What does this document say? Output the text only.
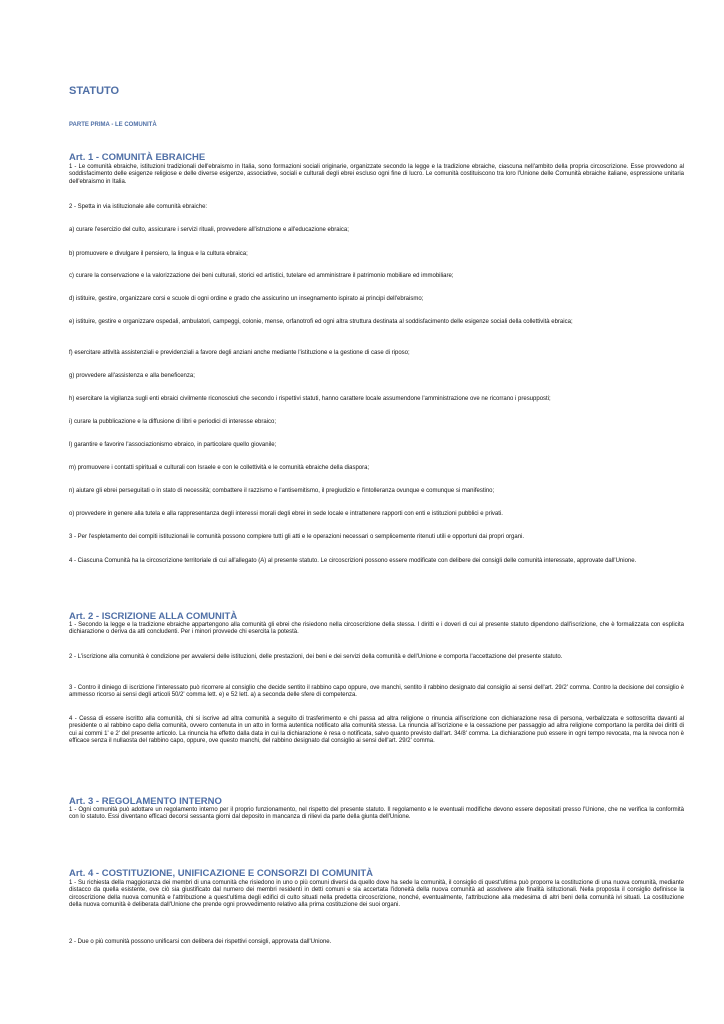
STATUTO
PARTE PRIMA - LE COMUNITÀ
Art. 1 - COMUNITÀ EBRAICHE

1 - Le comunità ebraiche, istituzioni tradizionali dell'ebraismo in Italia, sono formazioni sociali originarie, organizzate secondo la legge e la tradizione ebraiche, ciascuna nell'ambito della propria circoscrizione. Esse provvedono al soddisfacimento delle esigenze religiose e delle diverse esigenze, associative, sociali e culturali degli ebrei escluso ogni fine di lucro. Le comunità costituiscono tra loro l'Unione delle Comunità ebraiche italiane, espressione unitaria dell'ebraismo in Italia.

2 - Spetta in via istituzionale alle comunità ebraiche:

a) curare l'esercizio del culto, assicurare i servizi rituali, provvedere all'istruzione e all'educazione ebraica;

b) promuovere e divulgare il pensiero, la lingua e la cultura ebraica;

c) curare la conservazione e la valorizzazione dei beni culturali, storici ed artistici, tutelare ed amministrare il patrimonio mobiliare ed immobiliare;

d) istituire, gestire, organizzare corsi e scuole di ogni ordine e grado che assicurino un insegnamento ispirato ai principi dell'ebraismo;

e) istituire, gestire e organizzare ospedali, ambulatori, campeggi, colonie, mense, orfanotrofi ed ogni altra struttura destinata al soddisfacimento delle esigenze sociali della collettività ebraica;

f) esercitare attività assistenziali e previdenziali a favore degli anziani anche mediante l'istituzione e la gestione di case di riposo;

g) provvedere all'assistenza e alla beneficenza;

h) esercitare la vigilanza sugli enti ebraici civilmente riconosciuti che secondo i rispettivi statuti, hanno carattere locale assumendone l'amministrazione ove ne ricorrano i presupposti;

i) curare la pubblicazione e la diffusione di libri e periodici di interesse ebraico;

l) garantire e favorire l'associazionismo ebraico, in particolare quello giovanile;

m) promuovere i contatti spirituali e culturali con Israele e con le collettività e le comunità ebraiche della diaspora;

n) aiutare gli ebrei perseguitati o in stato di necessità; combattere il razzismo e l'antisemitismo, il pregiudizio e l'intolleranza ovunque e comunque si manifestino;

o) provvedere in genere alla tutela e alla rappresentanza degli interessi morali degli ebrei in sede locale e intrattenere rapporti con enti e istituzioni pubblici e privati.

3 - Per l'espletamento dei compiti istituzionali le comunità possono compiere tutti gli atti e le operazioni necessari o semplicemente ritenuti utili e opportuni dai propri organi.

4 - Ciascuna Comunità ha la circoscrizione territoriale di cui all'allegato (A) al presente statuto. Le circoscrizioni possono essere modificate con delibere dei consigli delle comunità interessate, approvate dall'Unione.

Art. 2 - ISCRIZIONE ALLA COMUNITÀ

1 - Secondo la legge e la tradizione ebraiche appartengono alla comunità gli ebrei che risiedono nella circoscrizione della stessa. I diritti e i doveri di cui al presente statuto dipendono dall'iscrizione, che è formalizzata con esplicita dichiarazione o deriva da atti concludenti. Per i minori provvede chi esercita la potestà.

2 - L'iscrizione alla comunità è condizione per avvalersi delle istituzioni, delle prestazioni, dei beni e dei servizi della comunità e dell'Unione e comporta l'accettazione del presente statuto.

3 - Contro il diniego di iscrizione l'interessato può ricorrere al consiglio che decide sentito il rabbino capo oppure, ove manchi, sentito il rabbino designato dal consiglio ai sensi dell'art. 29/2' comma. Contro la decisione del consiglio è ammesso ricorso ai sensi degli articoli 50/2' comma lett. e) e 52 lett. a) a seconda delle sfere di competenza.

4 - Cessa di essere iscritto alla comunità, chi si iscrive ad altra comunità a seguito di trasferimento e chi passa ad altra religione o rinuncia all'iscrizione con dichiarazione resa di persona, verbalizzata e sottoscritta davanti al presidente o al rabbino capo della comunità, ovvero contenuta in un atto in forma autentica notificato alla comunità stessa. La rinuncia all'iscrizione e la cessazione per passaggio ad altra religione comportano la perdita dei diritti di cui ai commi 1' e 2' del presente articolo. La rinuncia ha effetto dalla data in cui la dichiarazione è resa o notificata, salvo quanto previsto dall'art. 34/8' comma. La dichiarazione può essere in ogni tempo revocata, ma la revoca non è efficace senza il nullaosta del rabbino capo, oppure, ove questo manchi, del rabbino designato dal consiglio ai sensi dell'art. 29/2' comma.

Art. 3 - REGOLAMENTO INTERNO

1 - Ogni comunità può adottare un regolamento interno per il proprio funzionamento, nel rispetto del presente statuto. Il regolamento e le eventuali modifiche devono essere depositati presso l'Unione, che ne verifica la conformità con lo statuto. Essi diventano efficaci decorsi sessanta giorni dal deposito in mancanza di rilievi da parte della giunta dell'Unione.

Art. 4 - COSTITUZIONE, UNIFICAZIONE E CONSORZI DI COMUNITÀ

1 - Su richiesta della maggioranza dei membri di una comunità che risiedono in uno o più comuni diversi da quello dove ha sede la comunità, il consiglio di quest'ultima può proporre la costituzione di una nuova comunità, mediante distacco da quella esistente, ove ciò sia giustificato dal numero dei membri residenti in detti comuni e sia accertata l'idoneità della nuova comunità ad assolvere alle finalità istituzionali. Nella proposta il consiglio definisce la circoscrizione della nuova comunità e l'attribuzione a quest'ultima degli edifici di culto situati nella predetta circoscrizione, nonché, eventualmente, l'attribuzione alla medesima di altri beni della comunità ivi situati. La costituzione della nuova comunità è deliberata dall'Unione che prende ogni provvedimento relativo alla prima costituzione dei suoi organi.

2 - Due o più comunità possono unificarsi con delibera dei rispettivi consigli, approvata dall'Unione.
